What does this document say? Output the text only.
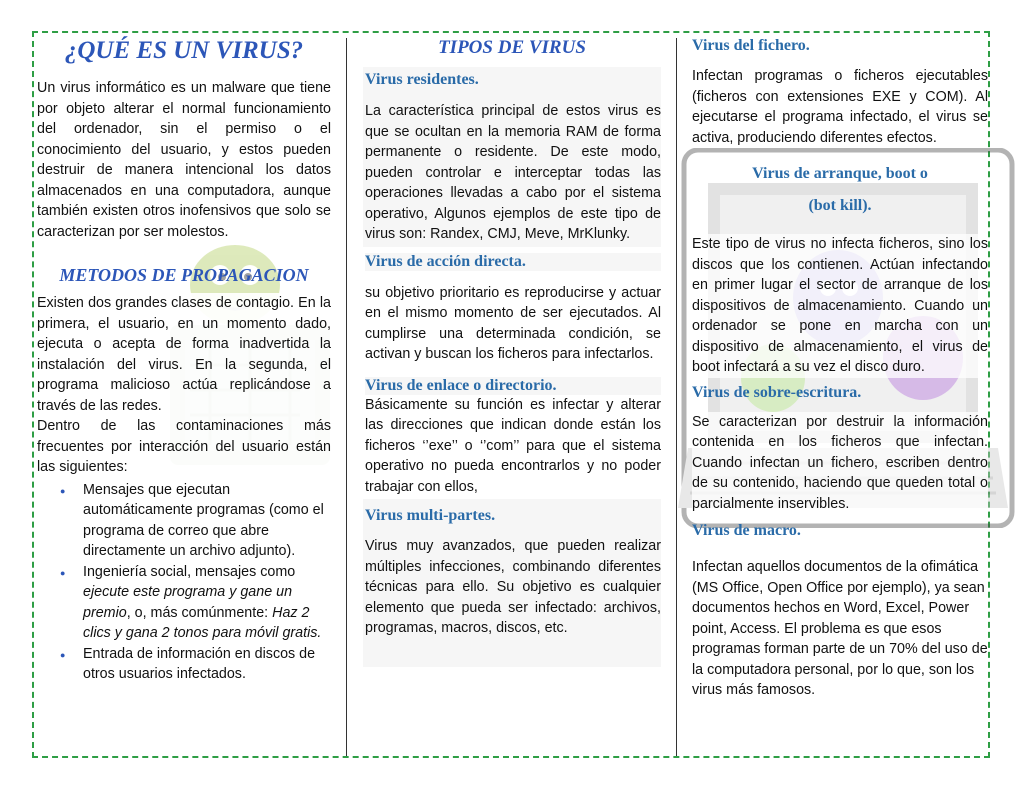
¿QUÉ ES UN VIRUS?

Un virus informático es un malware que tiene por objeto alterar el normal funcionamiento del ordenador, sin el permiso o el conocimiento del usuario, y estos pueden destruir de manera intencional los datos almacenados en una computadora, aunque también existen otros inofensivos que solo se caracterizan por ser molestos.

METODOS DE PROPAGACION

Existen dos grandes clases de contagio. En la primera, el usuario, en un momento dado, ejecuta o acepta de forma inadvertida la instalación del virus. En la segunda, el programa malicioso actúa replicándose a través de las redes.

Dentro de las contaminaciones más frecuentes por interacción del usuario están las siguientes:

● Mensajes que ejecutan automáticamente programas (como el programa de correo que abre directamente un archivo adjunto).
● Ingeniería social, mensajes como ejecute este programa y gane un premio, o, más comúnmente: Haz 2 clics y gana 2 tonos para móvil gratis.
● Entrada de información en discos de otros usuarios infectados.
TIPOS DE VIRUS
Virus residentes.

La característica principal de estos virus es que se ocultan en la memoria RAM de forma permanente o residente. De este modo, pueden controlar e interceptar todas las operaciones llevadas a cabo por el sistema operativo, Algunos ejemplos de este tipo de virus son: Randex, CMJ, Meve, MrKlunky.

Virus de acción directa.

su objetivo prioritario es reproducirse y actuar en el mismo momento de ser ejecutados. Al cumplirse una determinada condición, se activan y buscan los ficheros para infectarlos.

Virus de enlace o directorio.

Básicamente su función es infectar y alterar las direcciones que indican donde están los ficheros ‘’exe’’ o ‘’com’’ para que el sistema operativo no pueda encontrarlos y no poder trabajar con ellos,

Virus multi-partes.

Virus muy avanzados, que pueden realizar múltiples infecciones, combinando diferentes técnicas para ello. Su objetivo es cualquier elemento que pueda ser infectado: archivos, programas, macros, discos, etc.

Virus del fichero.

Infectan programas o ficheros ejecutables (ficheros con extensiones EXE y COM). Al ejecutarse el programa infectado, el virus se activa, produciendo diferentes efectos.

Virus de arranque, boot o
(bot kill).

Este tipo de virus no infecta ficheros, sino los discos que los contienen. Actúan infectando en primer lugar el sector de arranque de los dispositivos de almacenamiento. Cuando un ordenador se pone en marcha con un dispositivo de almacenamiento, el virus de boot infectará a su vez el disco duro.

Virus de sobre-escritura.

Se caracterizan por destruir la información contenida en los ficheros que infectan. Cuando infectan un fichero, escriben dentro de su contenido, haciendo que queden total o parcialmente inservibles.

Virus de macro.

Infectan aquellos documentos de la ofimática (MS Office, Open Office por ejemplo), ya sean documentos hechos en Word, Excel, Power point, Access. El problema es que esos programas forman parte de un 70% del uso de la computadora personal, por lo que, son los virus más famosos.
